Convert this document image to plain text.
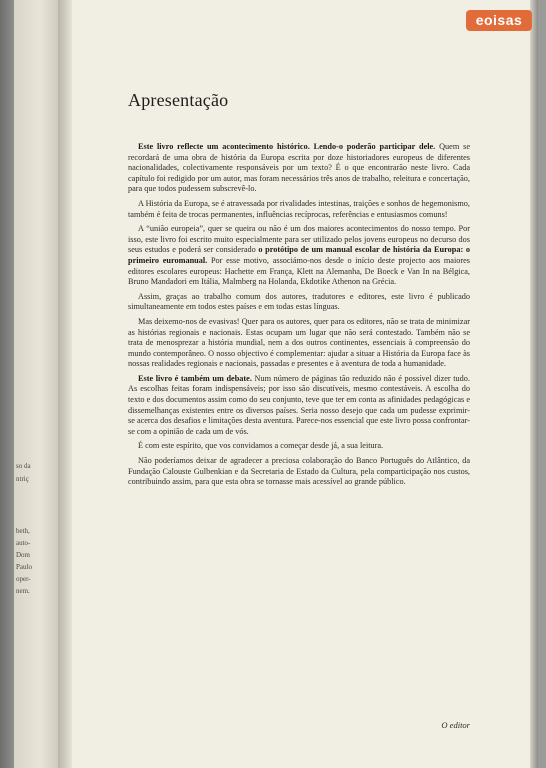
so da
ntriç
beth,
auto-
Dom
Paulo
oper-
nem.
eoisas
Apresentação

Este livro reflecte um acontecimento histórico. Lendo-o poderão participar dele. Quem se recordará de uma obra de história da Europa escrita por doze historiadores europeus de diferentes nacionalidades, colectivamente responsáveis por um texto? É o que encontrarão neste livro. Cada capítulo foi redigido por um autor, mas foram necessários três anos de trabalho, releitura e concertação, para que todos pudessem subscrevê-lo.

A História da Europa, se é atravessada por rivalidades intestinas, traições e sonhos de hegemonismo, também é feita de trocas permanentes, influências recíprocas, referências e entusiasmos comuns!

A “união europeia”, quer se queira ou não é um dos maiores acontecimentos do nosso tempo. Por isso, este livro foi escrito muito especialmente para ser utilizado pelos jovens europeus no decurso dos seus estudos e poderá ser considerado o protótipo de um manual escolar de história da Europa: o primeiro euromanual. Por esse motivo, associámo-nos desde o início deste projecto aos maiores editores escolares europeus: Hachette em França, Klett na Alemanha, De Boeck e Van In na Bélgica, Bruno Mandadori em Itália, Malmberg na Holanda, Ekdotike Athenon na Grécia.

Assim, graças ao trabalho comum dos autores, tradutores e editores, este livro é publicado simultaneamente em todos estes países e em todas estas línguas.

Mas deixemo-nos de evasivas! Quer para os autores, quer para os editores, não se trata de minimizar as histórias regionais e nacionais. Estas ocupam um lugar que não será contestado. Também não se trata de menosprezar a história mundial, nem a dos outros continentes, essenciais à compreensão do mundo contemporâneo. O nosso objectivo é complementar: ajudar a situar a História da Europa face às nossas realidades regionais e nacionais, passadas e presentes e à aventura de toda a humanidade.

Este livro é também um debate. Num número de páginas tão reduzido não é possível dizer tudo. As escolhas feitas foram indispensáveis; por isso são discutíveis, mesmo contestáveis. A escolha do texto e dos documentos assim como do seu conjunto, teve que ter em conta as afinidades pedagógicas e dissemelhanças existentes entre os diversos países. Seria nosso desejo que cada um pudesse exprimir-se acerca dos desafios e limitações desta aventura. Parece-nos essencial que este livro possa confrontar-se com a opinião de cada um de vós.

É com este espírito, que vos convidamos a começar desde já, a sua leitura.

Não poderíamos deixar de agradecer a preciosa colaboração do Banco Português do Atlântico, da Fundação Calouste Gulbenkian e da Secretaria de Estado da Cultura, pela comparticipação nos custos, contribuindo assim, para que esta obra se tornasse mais acessível ao grande público.

O editor
